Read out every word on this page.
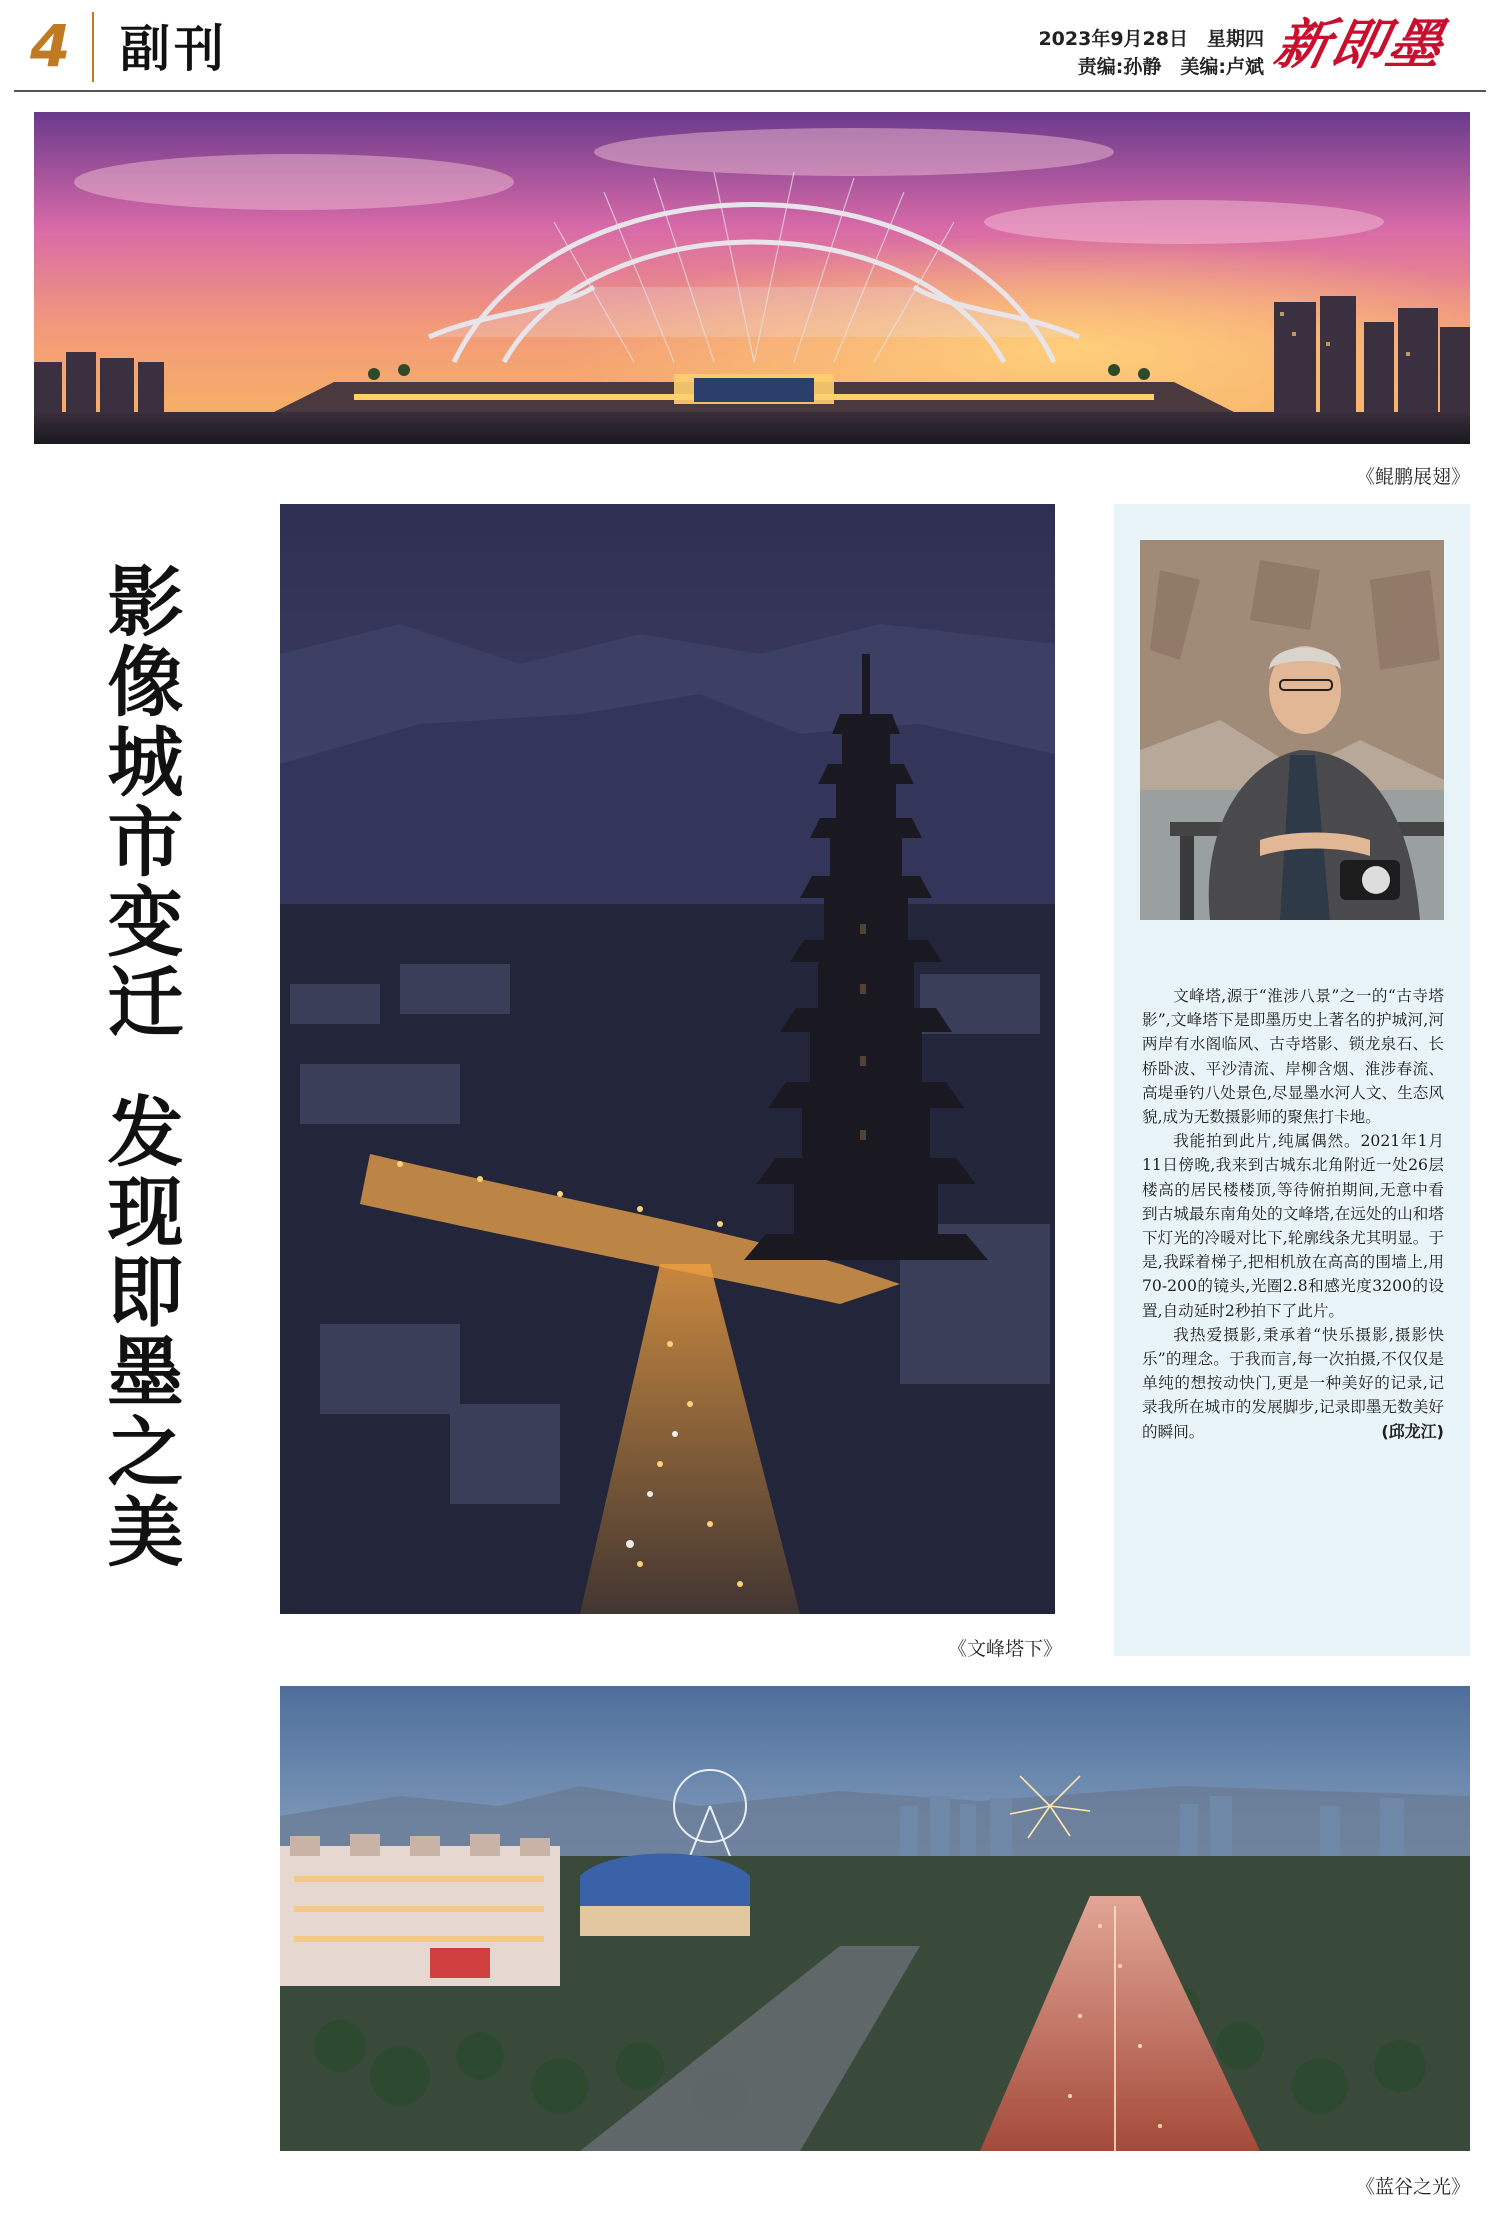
4 副刊	2023年9月28日　星期四
责编:孙静　美编:卢斌 新即墨
《鲲鹏展翅》
影像城市变迁发现即墨之美
《文峰塔下》

文峰塔,源于“淮涉八景”之一的“古寺塔影”,文峰塔下是即墨历史上著名的护城河,河两岸有水阁临风、古寺塔影、锁龙泉石、长桥卧波、平沙清流、岸柳含烟、淮涉春流、高堤垂钓八处景色,尽显墨水河人文、生态风貌,成为无数摄影师的聚焦打卡地。

我能拍到此片,纯属偶然。2021年1月11日傍晚,我来到古城东北角附近一处26层楼高的居民楼楼顶,等待俯拍期间,无意中看到古城最东南角处的文峰塔,在远处的山和塔下灯光的冷暖对比下,轮廓线条尤其明显。于是,我踩着梯子,把相机放在高高的围墙上,用70-200的镜头,光圈2.8和感光度3200的设置,自动延时2秒拍下了此片。

我热爱摄影,秉承着“快乐摄影,摄影快乐”的理念。于我而言,每一次拍摄,不仅仅是单纯的想按动快门,更是一种美好的记录,记录我所在城市的发展脚步,记录即墨无数美好的瞬间。	(邱龙江)

《蓝谷之光》
